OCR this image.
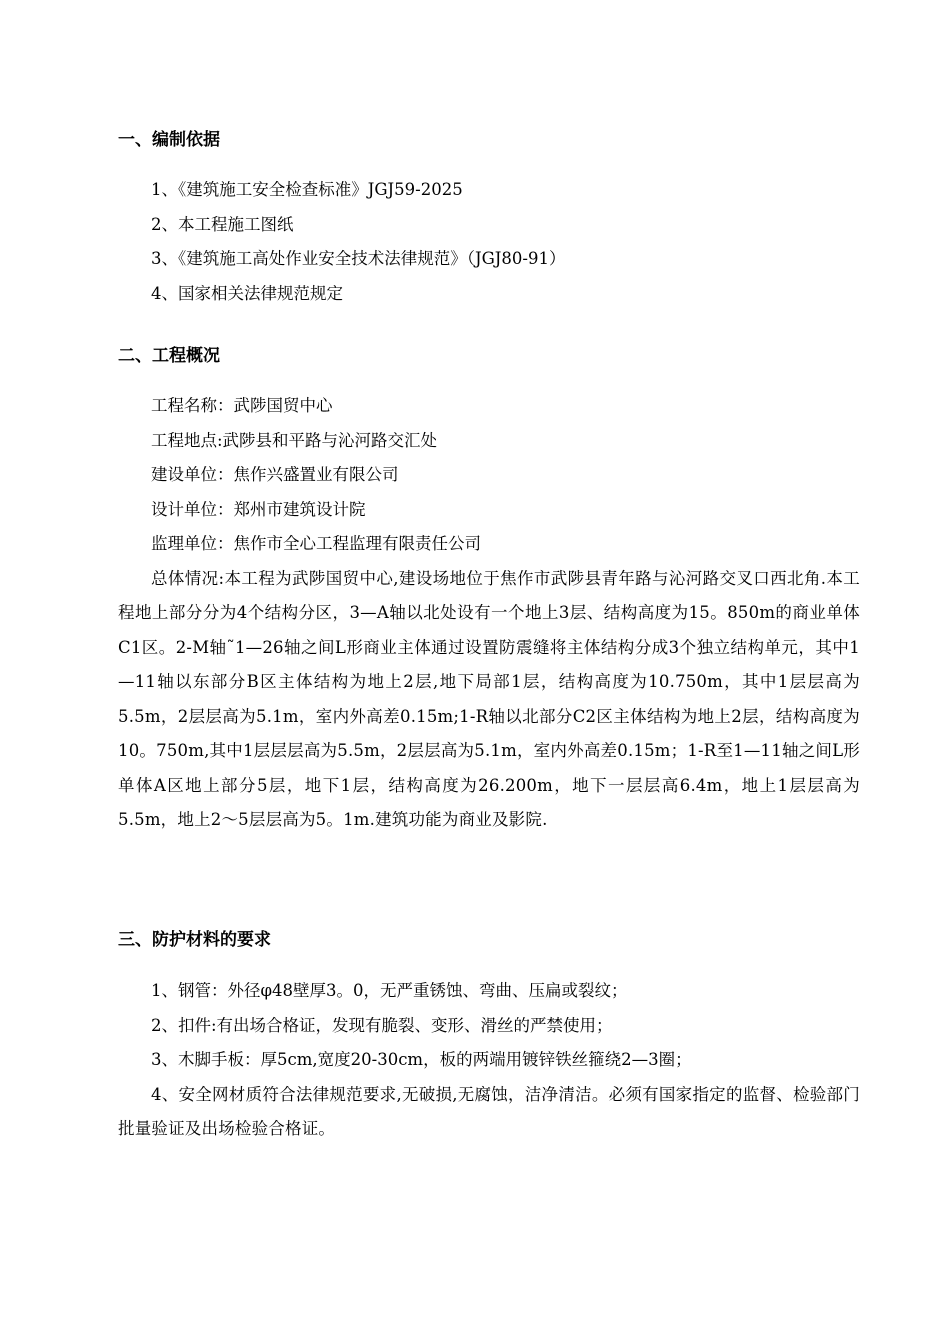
一、编制依据
1、《建筑施工安全检查标准》JGJ59-2025
2、本工程施工图纸
3、《建筑施工高处作业安全技术法律规范》（JGJ80-91）
4、国家相关法律规范规定
二、工程概况

工程名称：武陟国贸中心

工程地点:武陟县和平路与沁河路交汇处

建设单位：焦作兴盛置业有限公司

设计单位：郑州市建筑设计院

监理单位：焦作市全心工程监理有限责任公司

总体情况:本工程为武陟国贸中心,建设场地位于焦作市武陟县青年路与沁河路交叉口西北角.本工程地上部分分为4个结构分区，3—A轴以北处设有一个地上3层、结构高度为15。850m的商业单体C1区。2-M轴˜1—26轴之间L形商业主体通过设置防震缝将主体结构分成3个独立结构单元，其中1—11轴以东部分B区主体结构为地上2层,地下局部1层，结构高度为10.750m，其中1层层高为5.5m，2层层高为5.1m，室内外高差0.15m;1-R轴以北部分C2区主体结构为地上2层，结构高度为10。750m,其中1层层层高为5.5m，2层层高为5.1m，室内外高差0.15m；1-R至1—11轴之间L形单体A区地上部分5层，地下1层，结构高度为26.200m，地下一层层高6.4m，地上1层层高为5.5m，地上2～5层层高为5。1m.建筑功能为商业及影院.

三、防护材料的要求
1、钢管：外径φ48壁厚3。0，无严重锈蚀、弯曲、压扁或裂纹；
2、扣件:有出场合格证，发现有脆裂、变形、滑丝的严禁使用；
3、木脚手板：厚5cm,宽度20-30cm，板的两端用镀锌铁丝箍绕2—3圈；

4、安全网材质符合法律规范要求,无破损,无腐蚀，洁净清洁。必须有国家指定的监督、检验部门批量验证及出场检验合格证。
